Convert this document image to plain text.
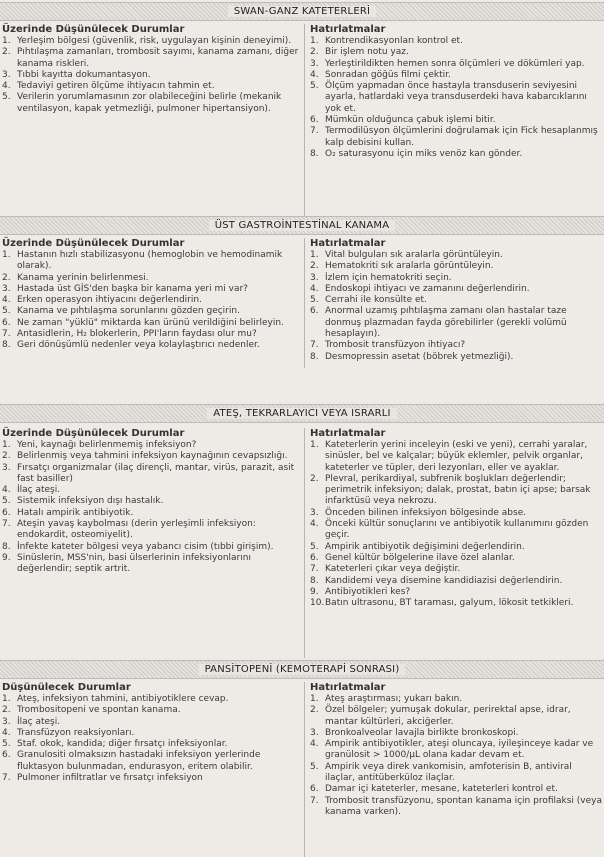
SWAN-GANZ KATETERLERİ
Üzerinde Düşünülecek Durumlar
1. Yerleşim bölgesi (güvenlik, risk, uygulayan kişinin deneyimi).
2. Pıhtılaşma zamanları, trombosit sayımı, kanama zamanı, diğer kanama riskleri.
3. Tıbbi kayıtta dokumantasyon.
4. Tedaviyi getiren ölçüme ihtiyacın tahmin et.
5. Verilerin yorumlamasının zor olabileceğini belirle (mekanik ventilasyon, kapak yetmezliği, pulmoner hipertansiyon).
Hatırlatmalar
1. Kontrendikasyonları kontrol et.
2. Bir işlem notu yaz.
3. Yerleştirildikten hemen sonra ölçümleri ve dökümleri yap.
4. Sonradan göğüs filmi çektir.
5. Ölçüm yapmadan önce hastayla transduserin seviyesini ayarla, hatlardaki veya transduserdeki hava kabarcıklarını yok et.
6. Mümkün olduğunca çabuk işlemi bitir.
7. Termodilüsyon ölçümlerini doğrulamak için Fick hesaplanmış kalp debisini kullan.
8. O₂ saturasyonu için miks venöz kan gönder.
ÜST GASTROİNTESTİNAL KANAMA
Üzerinde Düşünülecek Durumlar
1. Hastanın hızlı stabilizasyonu (hemoglobin ve hemodinamik olarak).
2. Kanama yerinin belirlenmesi.
3. Hastada üst GİS'den başka bir kanama yeri mi var?
4. Erken operasyon ihtiyacını değerlendirin.
5. Kanama ve pıhtılaşma sorunlarını gözden geçirin.
6. Ne zaman "yüklü" miktarda kan ürünü verildiğini belirleyin.
7. Antasidlerin, H₂ blokerlerin, PPI'ların faydası olur mu?
8. Geri dönüşümlü nedenler veya kolaylaştırıcı nedenler.
Hatırlatmalar
1. Vital bulguları sık aralarla görüntüleyin.
2. Hematokriti sık aralarla görüntüleyin.
3. İzlem için hematokriti seçin.
4. Endoskopi ihtiyacı ve zamanını değerlendirin.
5. Cerrahi ile konsülte et.
6. Anormal uzamış pıhtılaşma zamanı olan hastalar taze donmuş plazmadan fayda görebilirler (gerekli volümü hesaplayın).
7. Trombosit transfüzyon ihtiyacı?
8. Desmopressin asetat (böbrek yetmezliği).
ATEŞ, TEKRARLAYICI VEYA ISRARLI
Üzerinde Düşünülecek Durumlar
1. Yeni, kaynağı belirlenmemiş infeksiyon?
2. Belirlenmiş veya tahmini infeksiyon kaynağının cevapsızlığı.
3. Fırsatçı organizmalar (ilaç dirençli, mantar, virüs, parazit, asit fast basiller)
4. İlaç ateşi.
5. Sistemik infeksiyon dışı hastalık.
6. Hatalı ampirik antibiyotik.
7. Ateşin yavaş kaybolması (derin yerleşimli infeksiyon: endokardit, osteomiyelit).
8. İnfekte kateter bölgesi veya yabancı cisim (tıbbi girişim).
9. Sinüslerin, MSS'nin, basi ülserlerinin infeksiyonlarını değerlendir; septik artrit.
Hatırlatmalar
1. Kateterlerin yerini inceleyin (eski ve yeni), cerrahi yaralar, sinüsler, bel ve kalçalar; büyük eklemler, pelvik organlar, kateterler ve tüpler, deri lezyonları, eller ve ayaklar.
2. Plevral, perikardiyal, subfrenik boşlukları değerlendir; perimetrik infeksiyon; dalak, prostat, batın içi apse; barsak infarktüsü veya nekrozu.
3. Önceden bilinen infeksiyon bölgesinde abse.
4. Önceki kültür sonuçlarını ve antibiyotik kullanımını gözden geçir.
5. Ampirik antibiyotik değişimini değerlendirin.
6. Genel kültür bölgelerine ilave özel alanlar.
7. Kateterleri çıkar veya değiştir.
8. Kandidemi veya disemine kandidiazisi değerlendirin.
9. Antibiyotikleri kes?
10. Batın ultrasonu, BT taraması, galyum, lökosit tetkikleri.
PANSİTOPENİ (KEMOTERAPİ SONRASI)
Düşünülecek Durumlar
1. Ateş, infeksiyon tahmini, antibiyotiklere cevap.
2. Trombositopeni ve spontan kanama.
3. İlaç ateşi.
4. Transfüzyon reaksiyonları.
5. Staf. okok, kandida; diğer fırsatçı infeksiyonlar.
6. Granulositi olmaksızın hastadaki infeksiyon yerlerinde fluktasyon bulunmadan, endurasyon, eritem olabilir.
7. Pulmoner infiltratlar ve fırsatçı infeksiyon
Hatırlatmalar
1. Ateş araştırması; yukarı bakın.
2. Özel bölgeler; yumuşak dokular, perirektal apse, idrar, mantar kültürleri, akciğerler.
3. Bronkoalveolar lavajla birlikte bronkoskopi.
4. Ampirik antibiyotikler, ateşi oluncaya, iyileşinceye kadar ve granülosit > 1000/µL olana kadar devam et.
5. Ampirik veya direk vankomisin, amfoterisin B, antiviral ilaçlar, antitüberküloz ilaçlar.
6. Damar içi kateterler, mesane, kateterleri kontrol et.
7. Trombosit transfüzyonu, spontan kanama için profilaksi (veya kanama varken).
